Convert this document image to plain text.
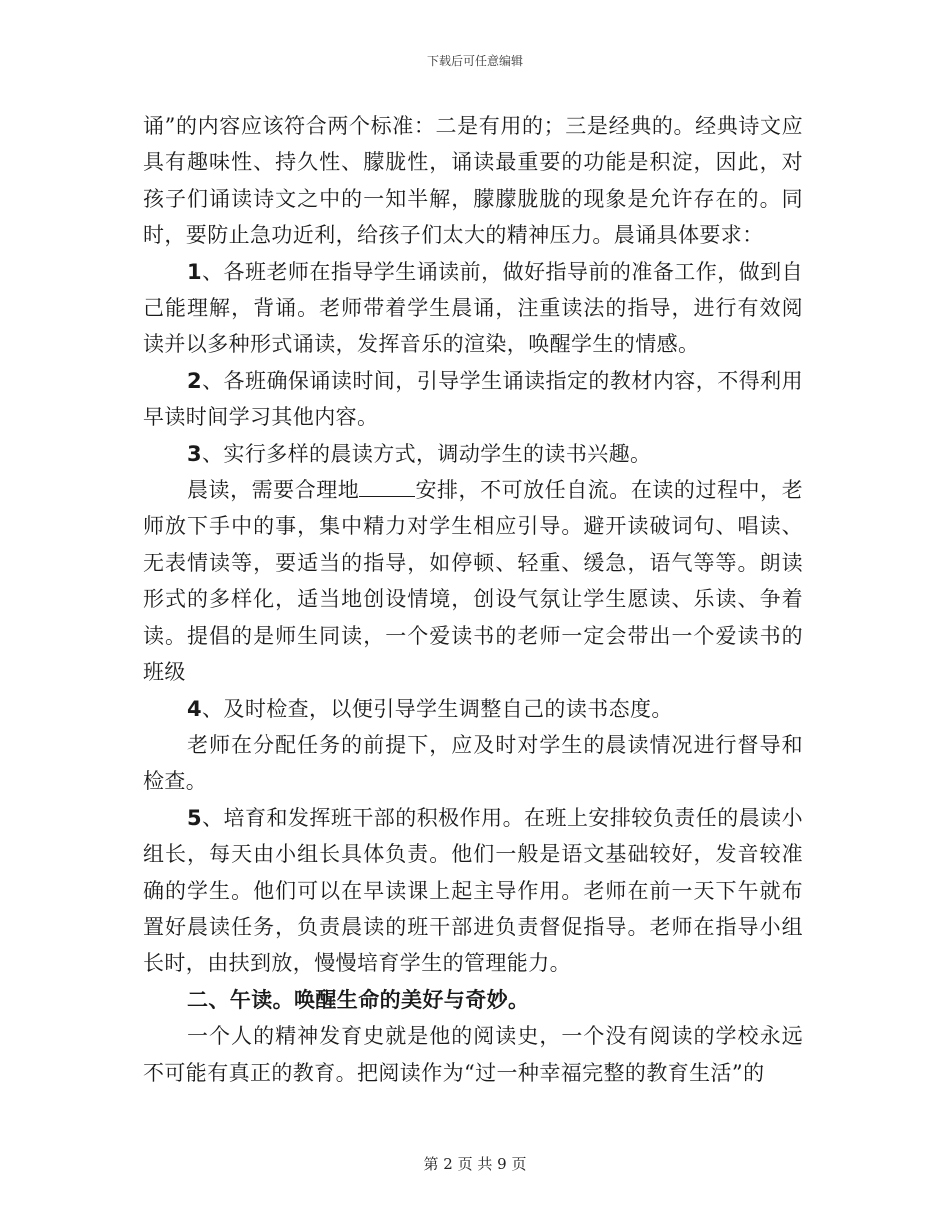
下载后可任意编辑

诵”的内容应该符合两个标准：二是有用的；三是经典的。经典诗文应具有趣味性、持久性、朦胧性，诵读最重要的功能是积淀，因此，对孩子们诵读诗文之中的一知半解，朦朦胧胧的现象是允许存在的。同时，要防止急功近利，给孩子们太大的精神压力。晨诵具体要求：

1、各班老师在指导学生诵读前，做好指导前的准备工作，做到自己能理解，背诵。老师带着学生晨诵，注重读法的指导，进行有效阅读并以多种形式诵读，发挥音乐的渲染，唤醒学生的情感。

2、各班确保诵读时间，引导学生诵读指定的教材内容，不得利用早读时间学习其他内容。

3、实行多样的晨读方式，调动学生的读书兴趣。

晨读，需要合理地	安排，不可放任自流。在读的过程中，老师放下手中的事，集中精力对学生相应引导。避开读破词句、唱读、无表情读等，要适当的指导，如停顿、轻重、缓急，语气等等。朗读形式的多样化，适当地创设情境，创设气氛让学生愿读、乐读、争着读。提倡的是师生同读，一个爱读书的老师一定会带出一个爱读书的班级

4、及时检查，以便引导学生调整自己的读书态度。

老师在分配任务的前提下，应及时对学生的晨读情况进行督导和检查。

5、培育和发挥班干部的积极作用。在班上安排较负责任的晨读小组长，每天由小组长具体负责。他们一般是语文基础较好，发音较准确的学生。他们可以在早读课上起主导作用。老师在前一天下午就布置好晨读任务，负责晨读的班干部进负责督促指导。老师在指导小组长时，由扶到放，慢慢培育学生的管理能力。

二、午读。唤醒生命的美好与奇妙。

一个人的精神发育史就是他的阅读史，一个没有阅读的学校永远不可能有真正的教育。把阅读作为“过一种幸福完整的教育生活”的

第 2 页 共 9 页
